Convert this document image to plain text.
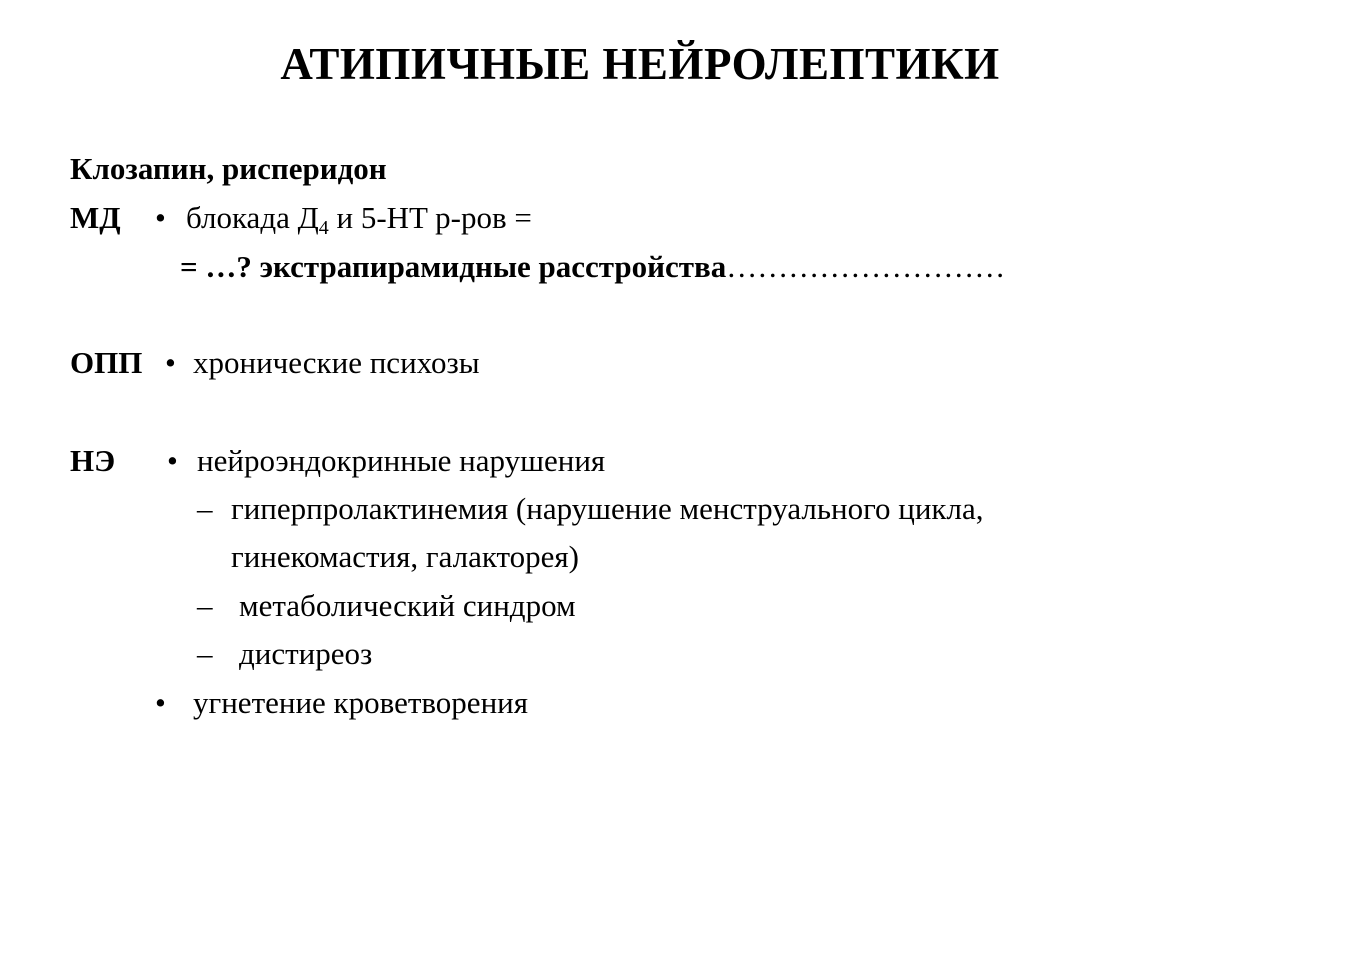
АТИПИЧНЫЕ НЕЙРОЛЕПТИКИ
Клозапин, рисперидон
МД • блокада $Д_4$ и 5-HT р-ров =
= …? экстрапирамидные расстройства………………………
ОПП • хронические психозы
НЭ • нейроэндокринные нарушения
– гиперпролактинемия (нарушение менструального цикла,
гинекомастия, галакторея)
– метаболический синдром
– дистиреоз
• угнетение кроветворения
